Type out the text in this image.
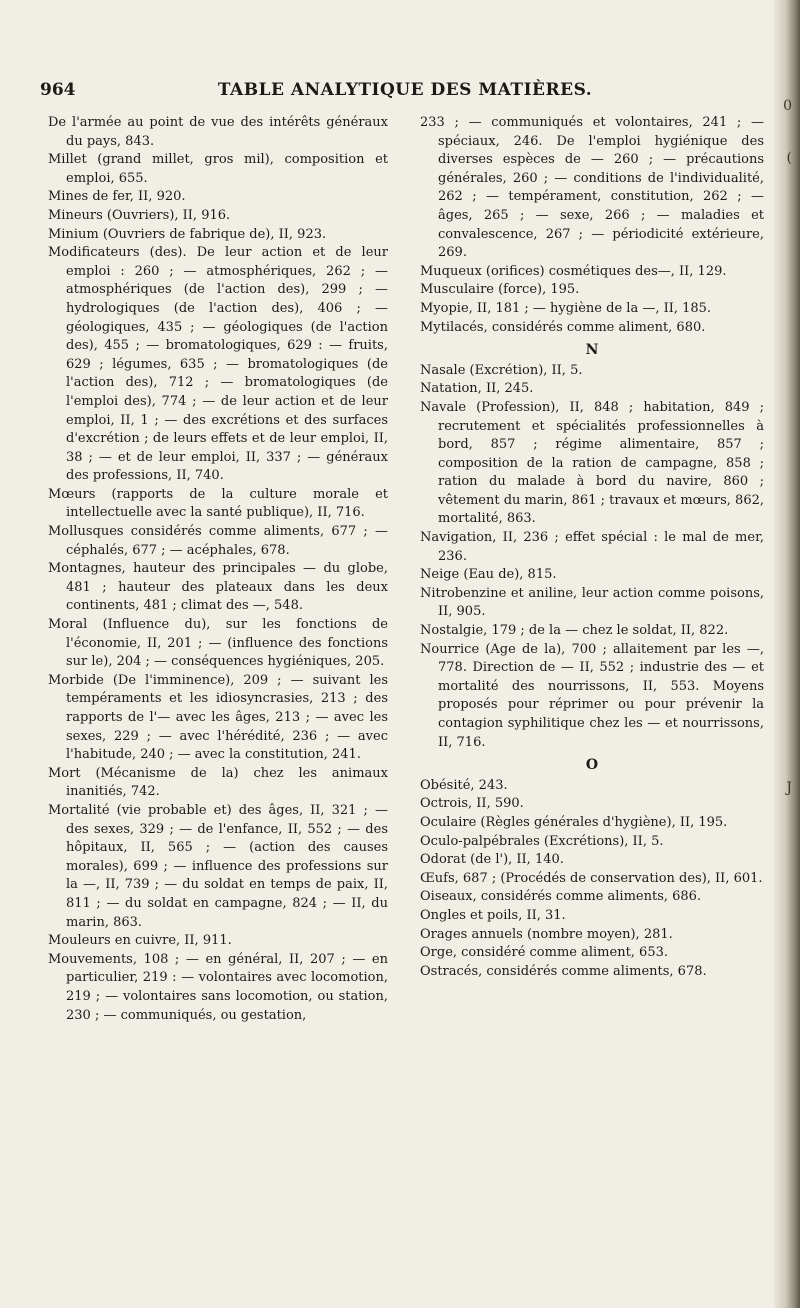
TABLE ANALYTIQUE DES MATIÈRES.
964

De l'armée au point de vue des intérêts généraux du pays, 843.

Millet (grand millet, gros mil), composition et emploi, 655.

Mines de fer, II, 920.

Mineurs (Ouvriers), II, 916.

Minium (Ouvriers de fabrique de), II, 923.

Modificateurs (des). De leur action et de leur emploi : 260 ; — atmosphériques, 262 ; — atmosphériques (de l'action des), 299 ; — hydrologiques (de l'action des), 406 ; — géologiques, 435 ; — géologiques (de l'action des), 455 ; — bromatologiques, 629 : — fruits, 629 ; légumes, 635 ; — bromatologiques (de l'action des), 712 ; — bromatologiques (de l'emploi des), 774 ; — de leur action et de leur emploi, II, 1 ; — des excrétions et des surfaces d'excrétion ; de leurs effets et de leur emploi, II, 38 ; — et de leur emploi, II, 337 ; — généraux des professions, II, 740.

Mœurs (rapports de la culture morale et intellectuelle avec la santé publique), II, 716.

Mollusques considérés comme aliments, 677 ; — céphalés, 677 ; — acéphales, 678.

Montagnes, hauteur des principales — du globe, 481 ; hauteur des plateaux dans les deux continents, 481 ; climat des —, 548.

Moral (Influence du), sur les fonctions de l'économie, II, 201 ; — (influence des fonctions sur le), 204 ; — conséquences hygiéniques, 205.

Morbide (De l'imminence), 209 ; — suivant les tempéraments et les idiosyncrasies, 213 ; des rapports de l'— avec les âges, 213 ; — avec les sexes, 229 ; — avec l'hérédité, 236 ; — avec l'habitude, 240 ; — avec la constitution, 241.

Mort (Mécanisme de la) chez les animaux inanitiés, 742.

Mortalité (vie probable et) des âges, II, 321 ; — des sexes, 329 ; — de l'enfance, II, 552 ; — des hôpitaux, II, 565 ; — (action des causes morales), 699 ; — influence des professions sur la —, II, 739 ; — du soldat en temps de paix, II, 811 ; — du soldat en campagne, 824 ; — II, du marin, 863.

Mouleurs en cuivre, II, 911.

Mouvements, 108 ; — en général, II, 207 ; — en particulier, 219 : — volontaires avec locomotion, 219 ; — volontaires sans locomotion, ou station, 230 ; — communiqués, ou gestation,

233 ; — communiqués et volontaires, 241 ; — spéciaux, 246. De l'emploi hygiénique des diverses espèces de — 260 ; — précautions générales, 260 ; — conditions de l'individualité, 262 ; — tempérament, constitution, 262 ; — âges, 265 ; — sexe, 266 ; — maladies et convalescence, 267 ; — périodicité extérieure, 269.

Muqueux (orifices) cosmétiques des—, II, 129.

Musculaire (force), 195.

Myopie, II, 181 ; — hygiène de la —, II, 185.

Mytilacés, considérés comme aliment, 680.

N

Nasale (Excrétion), II, 5.

Natation, II, 245.

Navale (Profession), II, 848 ; habitation, 849 ; recrutement et spécialités professionnelles à bord, 857 ; régime alimentaire, 857 ; composition de la ration de campagne, 858 ; ration du malade à bord du navire, 860 ; vêtement du marin, 861 ; travaux et mœurs, 862, mortalité, 863.

Navigation, II, 236 ; effet spécial : le mal de mer, 236.

Neige (Eau de), 815.

Nitrobenzine et aniline, leur action comme poisons, II, 905.

Nostalgie, 179 ; de la — chez le soldat, II, 822.

Nourrice (Age de la), 700 ; allaitement par les —, 778. Direction de — II, 552 ; industrie des — et mortalité des nourrissons, II, 553. Moyens proposés pour réprimer ou pour prévenir la contagion syphilitique chez les — et nourrissons, II, 716.

O

Obésité, 243.

Octrois, II, 590.

Oculaire (Règles générales d'hygiène), II, 195.

Oculo-palpébrales (Excrétions), II, 5.

Odorat (de l'), II, 140.

Œufs, 687 ; (Procédés de conservation des), II, 601.

Oiseaux, considérés comme aliments, 686.

Ongles et poils, II, 31.

Orages annuels (nombre moyen), 281.

Orge, considéré comme aliment, 653.

Ostracés, considérés comme aliments, 678.

0
(
J
